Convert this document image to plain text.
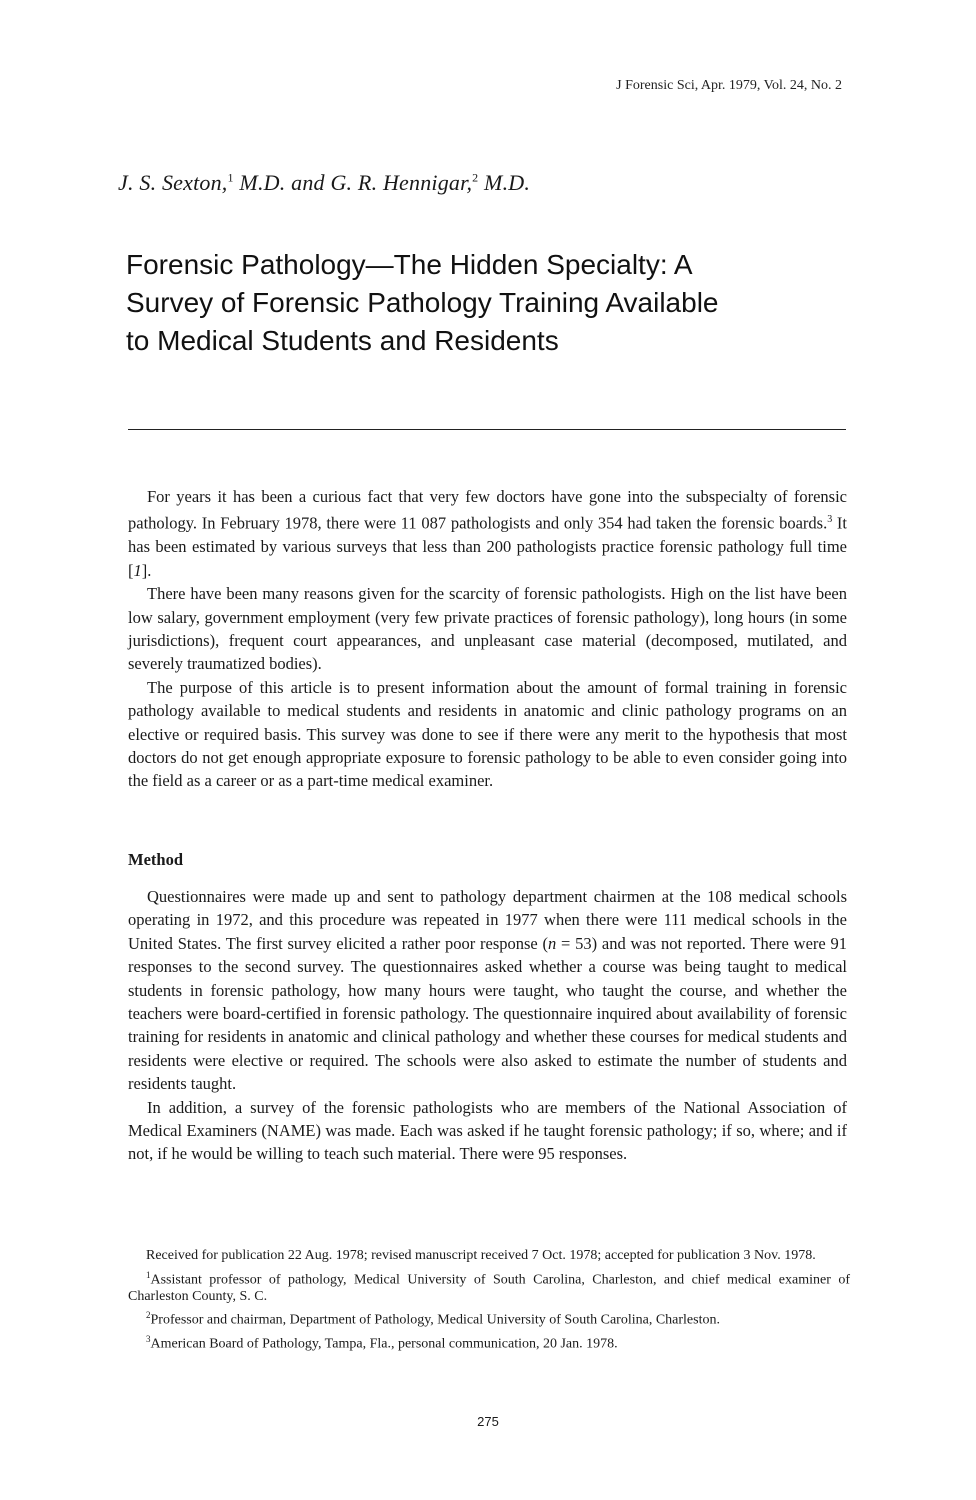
J Forensic Sci, Apr. 1979, Vol. 24, No. 2
J. S. Sexton,$^1$ M.D. and G. R. Hennigar,$^2$ M.D.
Forensic Pathology—The Hidden Specialty: A
Survey of Forensic Pathology Training Available
to Medical Students and Residents

For years it has been a curious fact that very few doctors have gone into the subspecialty of forensic pathology. In February 1978, there were 11 087 pathologists and only 354 had taken the forensic boards.$^3$ It has been estimated by various surveys that less than 200 pathologists practice forensic pathology full time [1].

There have been many reasons given for the scarcity of forensic pathologists. High on the list have been low salary, government employment (very few private practices of forensic pathology), long hours (in some jurisdictions), frequent court appearances, and unpleasant case material (decomposed, mutilated, and severely traumatized bodies).

The purpose of this article is to present information about the amount of formal training in forensic pathology available to medical students and residents in anatomic and clinic pathology programs on an elective or required basis. This survey was done to see if there were any merit to the hypothesis that most doctors do not get enough appropriate exposure to forensic pathology to be able to even consider going into the field as a career or as a part-time medical examiner.

Method

Questionnaires were made up and sent to pathology department chairmen at the 108 medical schools operating in 1972, and this procedure was repeated in 1977 when there were 111 medical schools in the United States. The first survey elicited a rather poor response (n = 53) and was not reported. There were 91 responses to the second survey. The questionnaires asked whether a course was being taught to medical students in forensic pathology, how many hours were taught, who taught the course, and whether the teachers were board-certified in forensic pathology. The questionnaire inquired about availability of forensic training for residents in anatomic and clinical pathology and whether these courses for medical students and residents were elective or required. The schools were also asked to estimate the number of students and residents taught.

In addition, a survey of the forensic pathologists who are members of the National Association of Medical Examiners (NAME) was made. Each was asked if he taught forensic pathology; if so, where; and if not, if he would be willing to teach such material. There were 95 responses.

Received for publication 22 Aug. 1978; revised manuscript received 7 Oct. 1978; accepted for publication 3 Nov. 1978.

$^1$Assistant professor of pathology, Medical University of South Carolina, Charleston, and chief medical examiner of Charleston County, S. C.

$^2$Professor and chairman, Department of Pathology, Medical University of South Carolina, Charleston.

$^3$American Board of Pathology, Tampa, Fla., personal communication, 20 Jan. 1978.

275
